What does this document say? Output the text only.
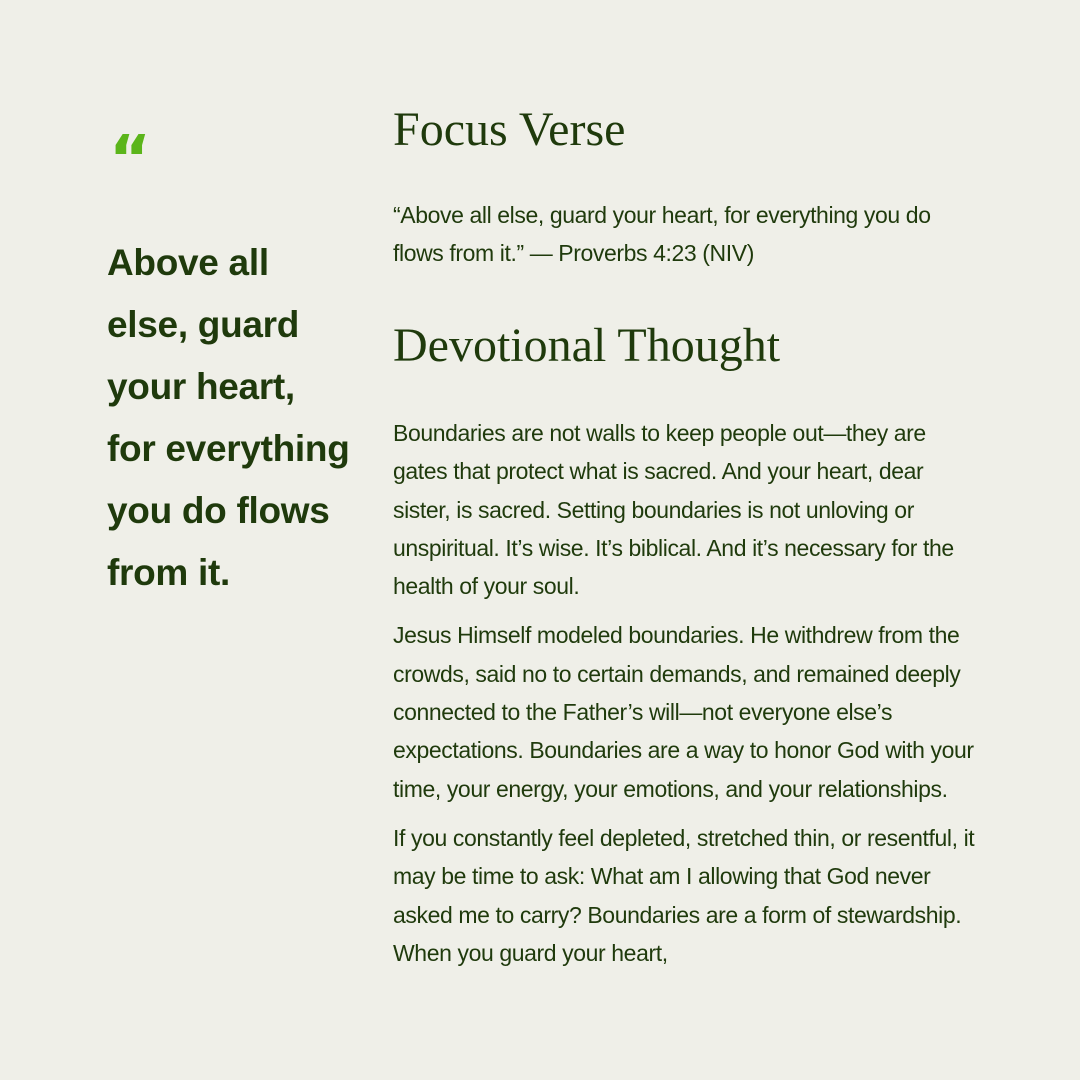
“
Above all else, guard your heart, for everything you do flows from it.
Focus Verse

“Above all else, guard your heart, for everything you do flows from it.” — Proverbs 4:23 (NIV)

Devotional Thought

Boundaries are not walls to keep people out—they are gates that protect what is sacred. And your heart, dear sister, is sacred. Setting boundaries is not unloving or unspiritual. It’s wise. It’s biblical. And it’s necessary for the health of your soul.

Jesus Himself modeled boundaries. He withdrew from the crowds, said no to certain demands, and remained deeply connected to the Father’s will—not everyone else’s expectations. Boundaries are a way to honor God with your time, your energy, your emotions, and your relationships.

If you constantly feel depleted, stretched thin, or resentful, it may be time to ask: What am I allowing that God never asked me to carry? Boundaries are a form of stewardship. When you guard your heart,
